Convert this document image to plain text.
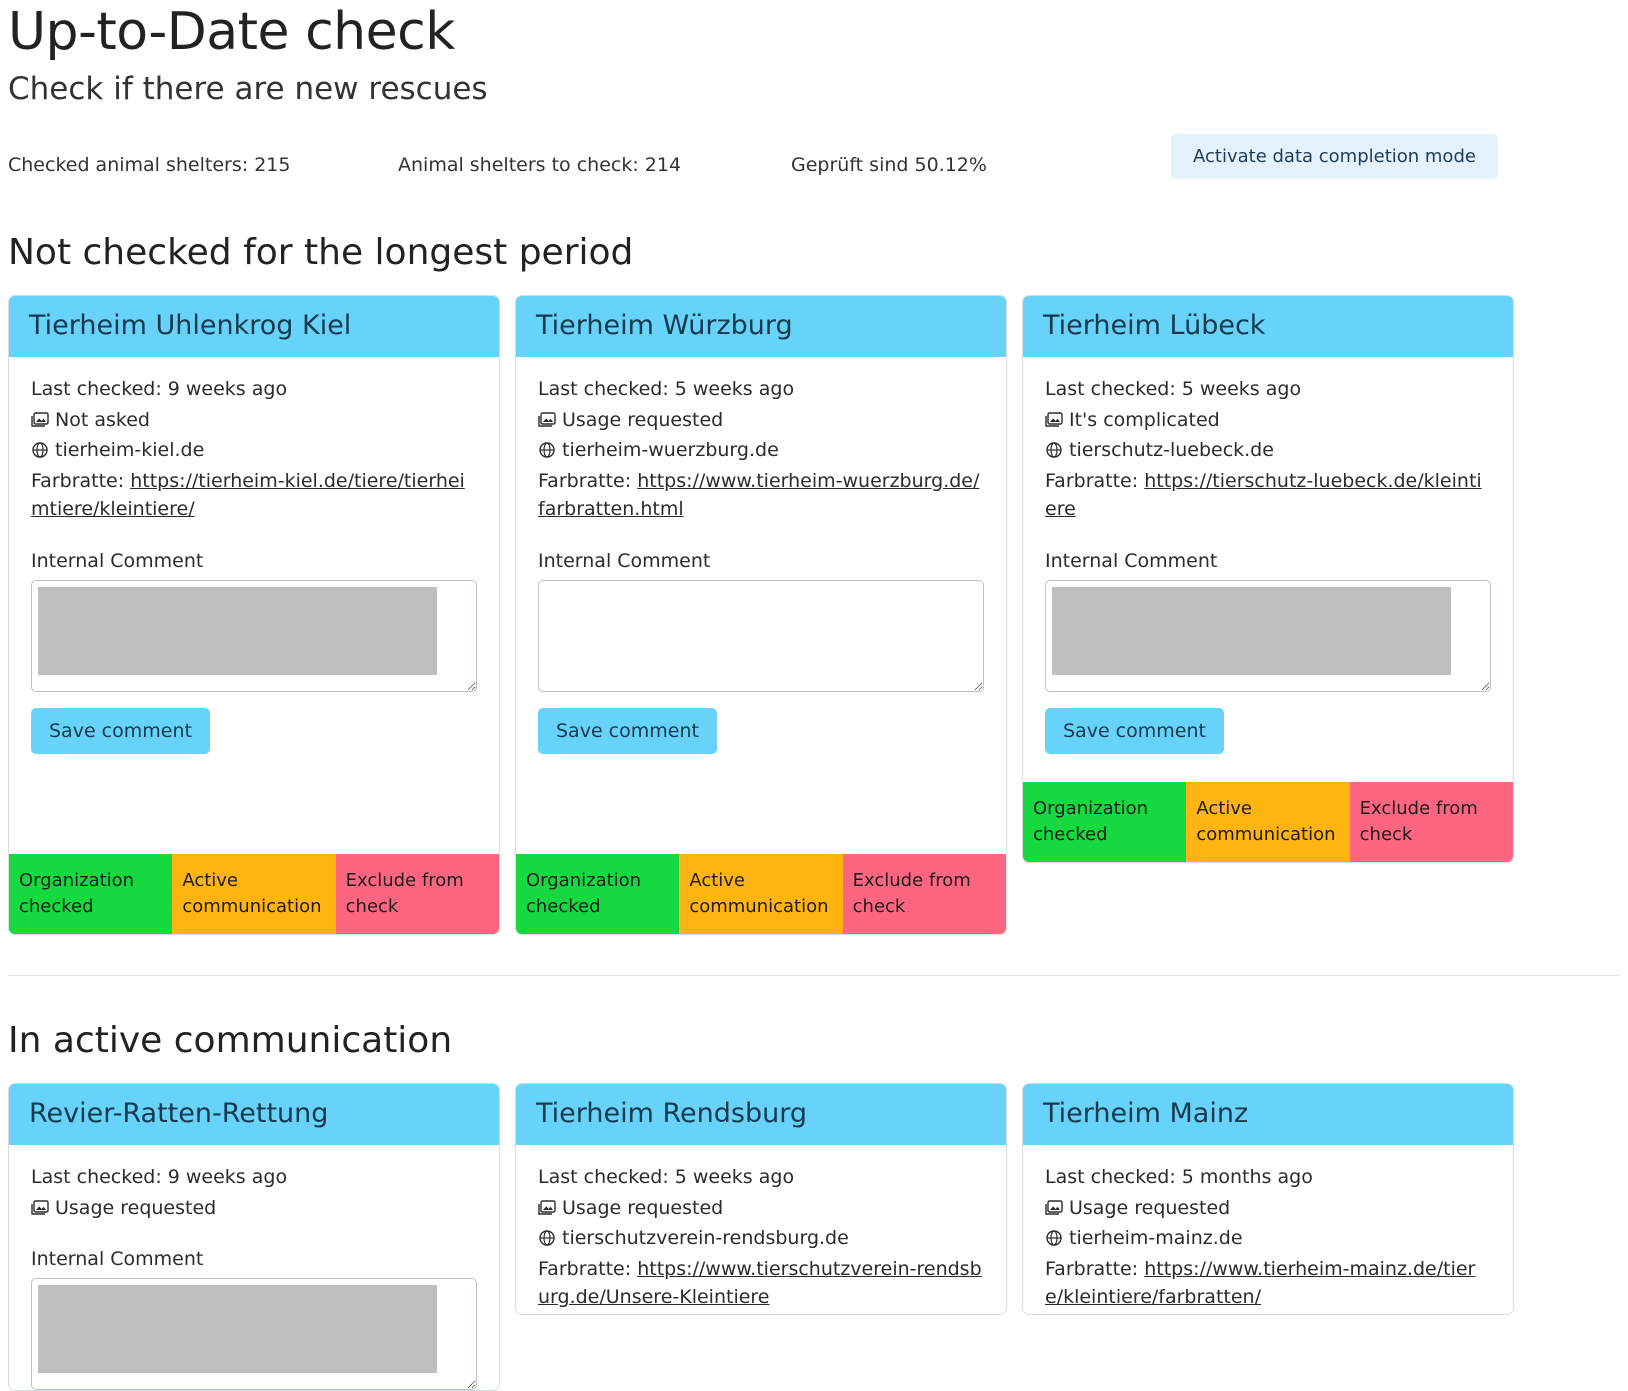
Up-to-Date check
Check if there are new rescues
Checked animal shelters: 215	Animal shelters to check: 214	Geprüft sind 50.12%	Activate data completion mode
Not checked for the longest period
Tierheim Uhlenkrog Kiel

Last checked: 9 weeks ago

Not asked

tierheim-kiel.de

Farbratte: https://tierheim-kiel.de/tiere/tierheimtiere/kleintiere/

Internal Comment
Save comment
Organization checked
Active communication
Exclude from check
Tierheim Würzburg

Last checked: 5 weeks ago

Usage requested

tierheim-wuerzburg.de

Farbratte: https://www.tierheim-wuerzburg.de/farbratten.html

Internal Comment
Save comment
Organization checked
Active communication
Exclude from check
Tierheim Lübeck

Last checked: 5 weeks ago

It's complicated

tierschutz-luebeck.de

Farbratte: https://tierschutz-luebeck.de/kleintiere

Internal Comment
Save comment
Organization checked
Active communication
Exclude from check
In active communication
Revier-Ratten-Rettung

Last checked: 9 weeks ago

Usage requested

Internal Comment
Tierheim Rendsburg

Last checked: 5 weeks ago

Usage requested

tierschutzverein-rendsburg.de

Farbratte: https://www.tierschutzverein-rendsburg.de/Unsere-Kleintiere

Tierheim Mainz

Last checked: 5 months ago

Usage requested

tierheim-mainz.de

Farbratte: https://www.tierheim-mainz.de/tiere/kleintiere/farbratten/
